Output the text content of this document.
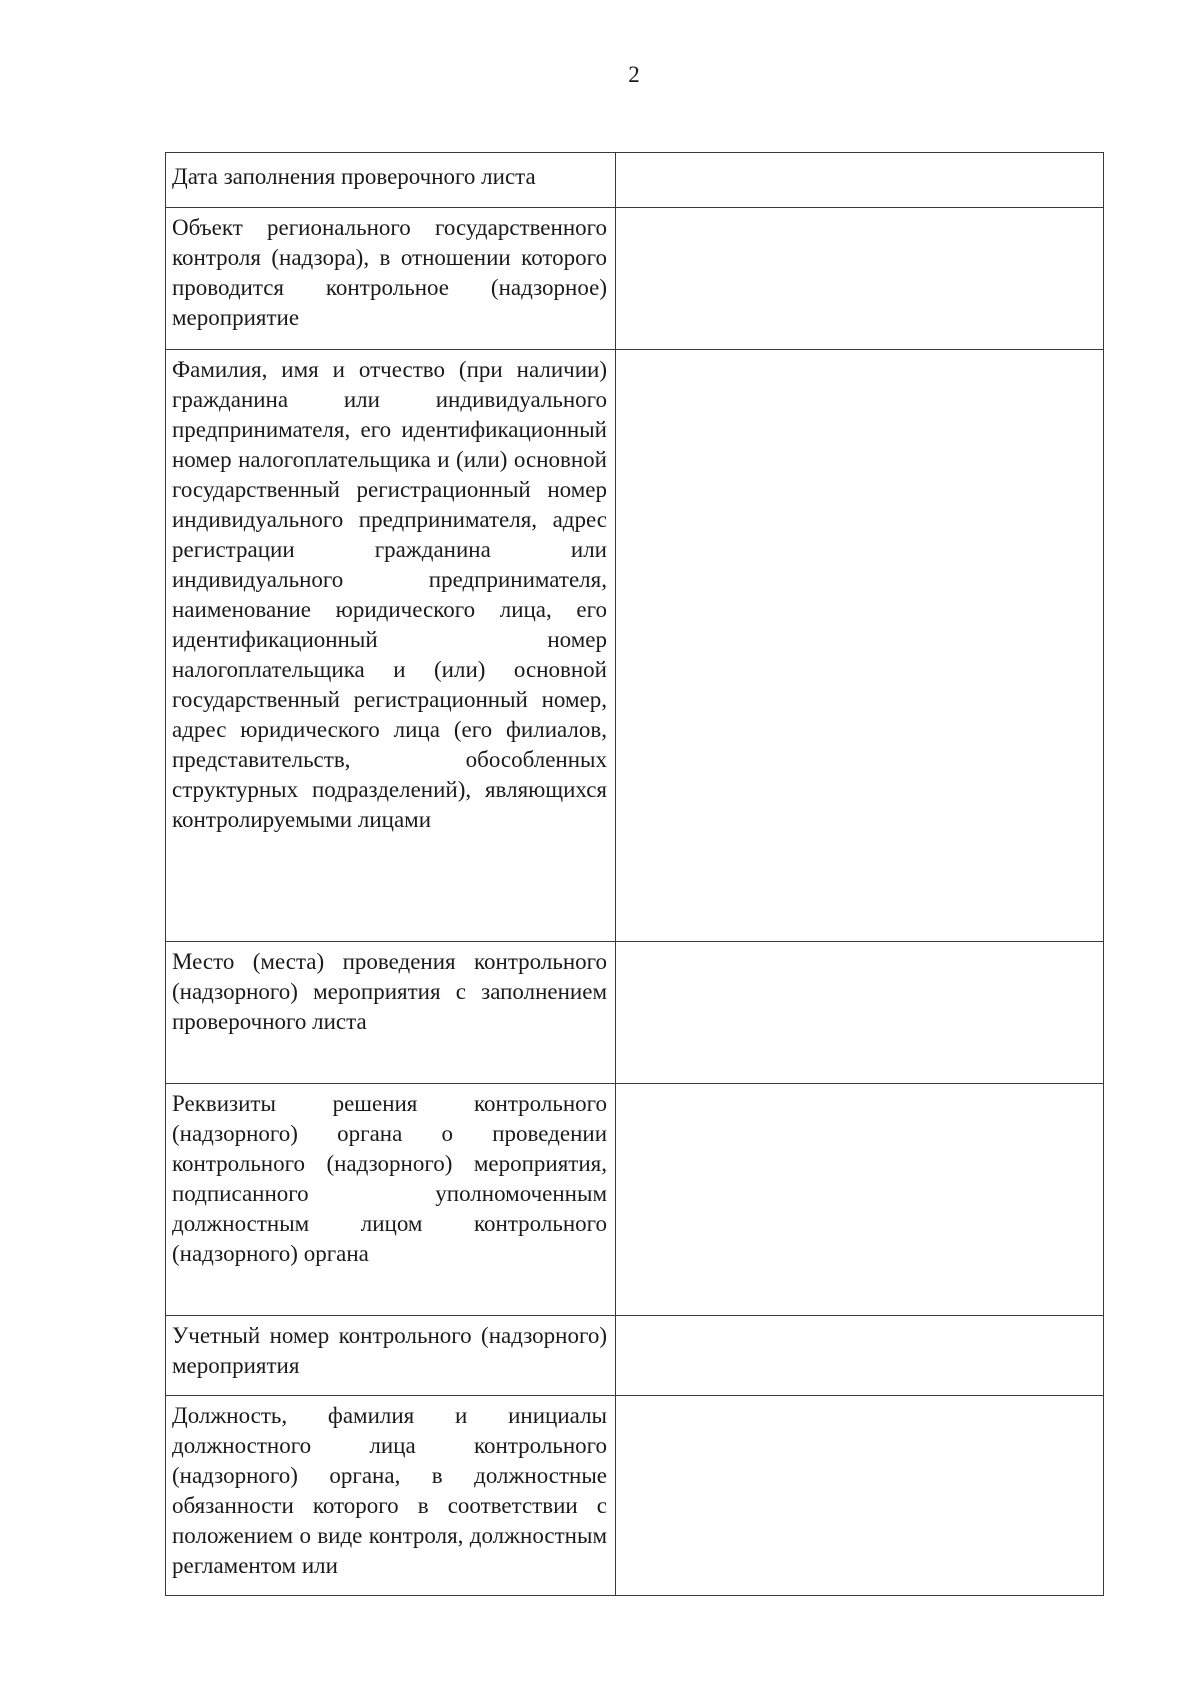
2
Дата заполнения проверочного листа	
Объект регионального государственного контроля (надзора), в отношении которого проводится контрольное (надзорное) мероприятие	
Фамилия, имя и отчество (при наличии) гражданина или индивидуального предпринимателя, его идентификационный номер налогоплательщика и (или) основной государственный регистрационный номер индивидуального предпринимателя, адрес регистрации гражданина или индивидуального предпринимателя, наименование юридического лица, его идентификационный номер налогоплательщика и (или) основной государственный регистрационный номер, адрес юридического лица (его филиалов, представительств, обособленных структурных подразделений), являющихся контролируемыми лицами	
Место (места) проведения контрольного (надзорного) мероприятия с заполнением проверочного листа	
Реквизиты решения контрольного (надзорного) органа о проведении контрольного (надзорного) мероприятия, подписанного уполномоченным должностным лицом контрольного (надзорного) органа	
Учетный номер контрольного (надзорного) мероприятия	
Должность, фамилия и инициалы должностного лица контрольного (надзорного) органа, в должностные обязанности которого в соответствии с положением о виде контроля, должностным регламентом или	
